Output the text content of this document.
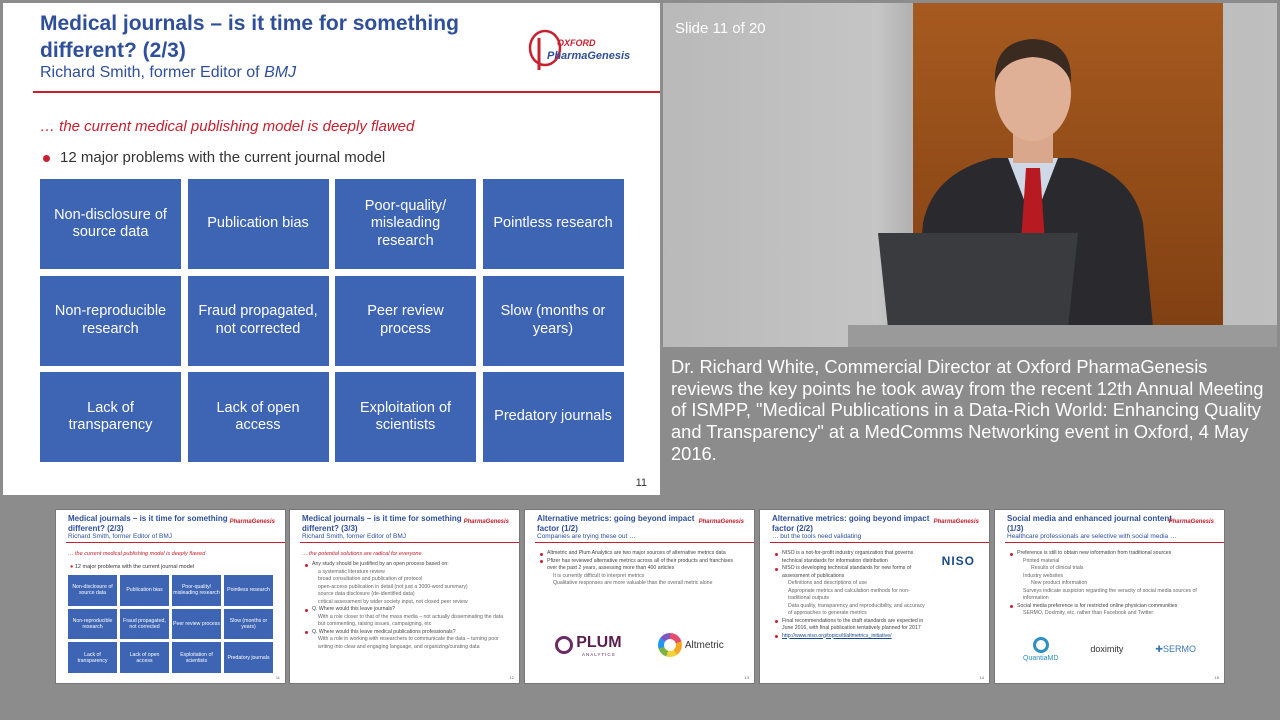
Medical journals – is it time for something different? (2/3)
Richard Smith, former Editor of BMJ
OXFORD
PharmaGenesis
… the current medical publishing model is deeply flawed
12 major problems with the current journal model
Non-disclosure of source data
Publication bias
Poor-quality/ misleading research
Pointless research
Non-reproducible research
Fraud propagated, not corrected
Peer review process
Slow (months or years)
Lack of transparency
Lack of open access
Exploitation of scientists
Predatory journals
11
Slide 11 of 20
Dr. Richard White, Commercial Director at Oxford PharmaGenesis reviews the key points he took away from the recent 12th Annual Meeting of ISMPP, "Medical Publications in a Data-Rich World: Enhancing Quality and Transparency" at a MedComms Networking event in Oxford, 4 May 2016.
Medical journals – is it time for something different? (2/3)
Richard Smith, former Editor of BMJ
PharmaGenesis
… the current medical publishing model is deeply flawed
● 12 major problems with the current journal model
Non-disclosure of source data	Publication bias	Poor-quality/ misleading research	Pointless research
Non-reproducible research
Fraud propagated, not corrected	Peer review process	Slow (months or years)
Lack of transparency
Lack of open access
Exploitation of scientists	Predatory journals
11
Medical journals – is it time for something different? (3/3)
Richard Smith, former Editor of BMJ
PharmaGenesis
… the potential solutions are radical for everyone
Any study should be justified by an open process based on:
a systematic literature review
broad consultation and publication of protocol
open-access publication in detail (not just a 3000-word summary)
source data disclosure (de-identified data)
critical assessment by wider society input, not closed peer review
Q. Where would this leave journals?
With a role closer to that of the mass media – not actually disseminating the data but commenting, raising issues, campaigning, etc
Q. Where would this leave medical publications professionals?
With a role in working with researchers to communicate the data – turning poor writing into clear and engaging language, and organizing/curating data
12
Alternative metrics: going beyond impact factor (1/2)
Companies are trying these out …
PharmaGenesis
Altmetric and Plum Analytics are two major sources of alternative metrics data
Pfizer has reviewed alternative metrics across all of their products and franchises over the past 2 years, assessing more than 400 articles
It is currently difficult to interpret metrics
Qualitative responses are more valuable than the overall metric alone
PLUM
ANALYTICS
Altmetric
13
Alternative metrics: going beyond impact factor (2/2)
… but the tools need validating
PharmaGenesis
NISO is a not-for-profit industry organization that governs technical standards for information distribution
NISO is developing technical standards for new forms of assessment of publications
Definitions and descriptions of use
Appropriate metrics and calculation methods for non-traditional outputs
Data quality, transparency and reproducibility, and accuracy of approaches to generate metrics
Final recommendations to the draft standards are expected in June 2016, with final publication tentatively planned for 2017
http://www.niso.org/topics/tl/altmetrics_initiative/
NISO
14
Social media and enhanced journal content (1/3)
Healthcare professionals are selective with social media …
PharmaGenesis
Preference is still to obtain new information from traditional sources
Printed material
Results of clinical trials
Industry websites
New product information
Surveys indicate suspicion regarding the veracity of social media sources of information
Social media preference is for restricted online physician communities
SERMO, Doximity, etc. rather than Facebook and Twitter
QuantiaMD
doximity	✚SERMO
15
